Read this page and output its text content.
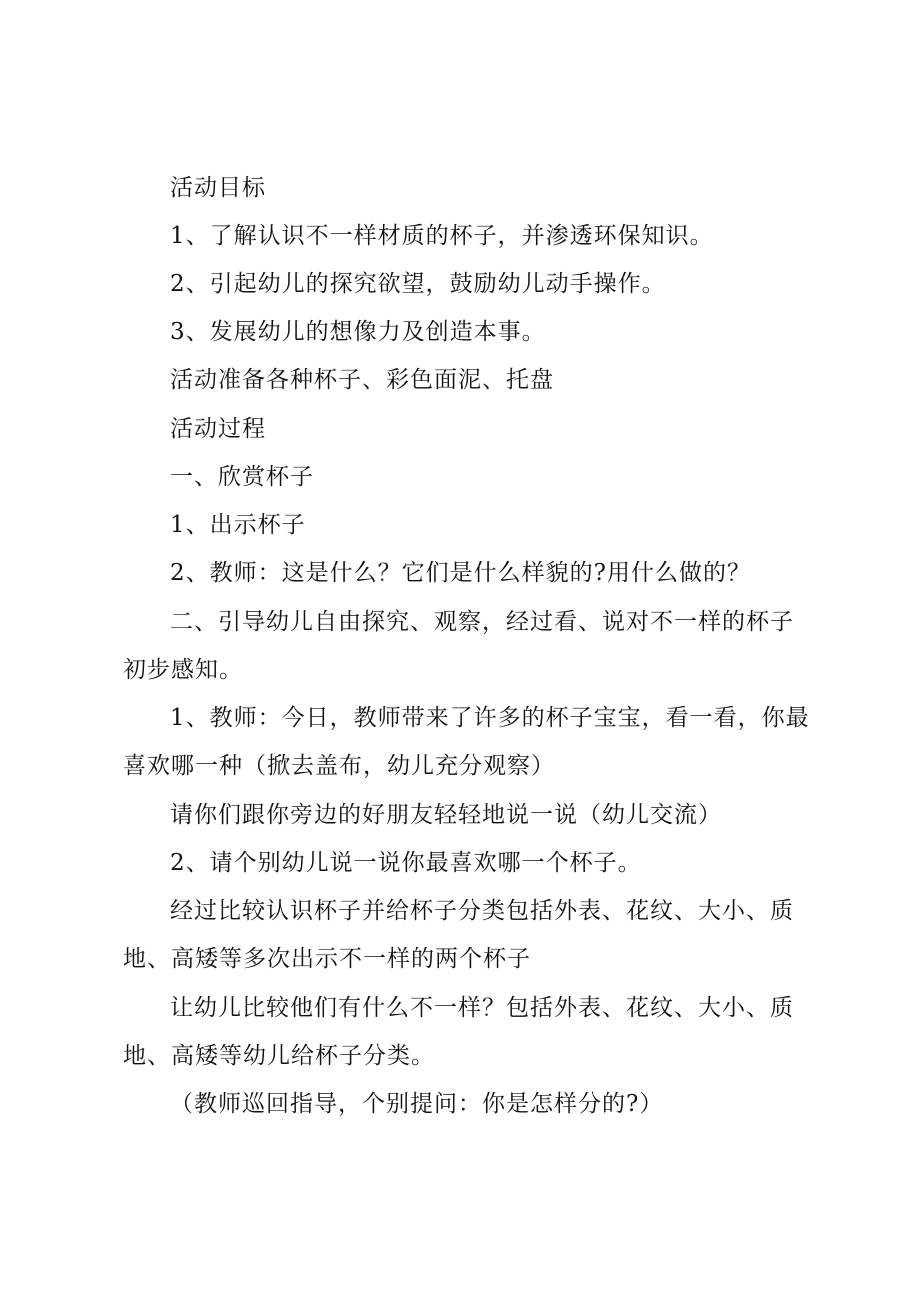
活动目标

1、了解认识不一样材质的杯子，并渗透环保知识。

2、引起幼儿的探究欲望，鼓励幼儿动手操作。

3、发展幼儿的想像力及创造本事。

活动准备各种杯子、彩色面泥、托盘

活动过程

一、欣赏杯子

1、出示杯子

2、教师：这是什么？它们是什么样貌的?用什么做的？

二、引导幼儿自由探究、观察，经过看、说对不一样的杯子初步感知。

1、教师：今日，教师带来了许多的杯子宝宝，看一看，你最喜欢哪一种（掀去盖布，幼儿充分观察）

请你们跟你旁边的好朋友轻轻地说一说（幼儿交流）

2、请个别幼儿说一说你最喜欢哪一个杯子。

经过比较认识杯子并给杯子分类包括外表、花纹、大小、质地、高矮等多次出示不一样的两个杯子

让幼儿比较他们有什么不一样？包括外表、花纹、大小、质地、高矮等幼儿给杯子分类。

（教师巡回指导，个别提问：你是怎样分的?）
